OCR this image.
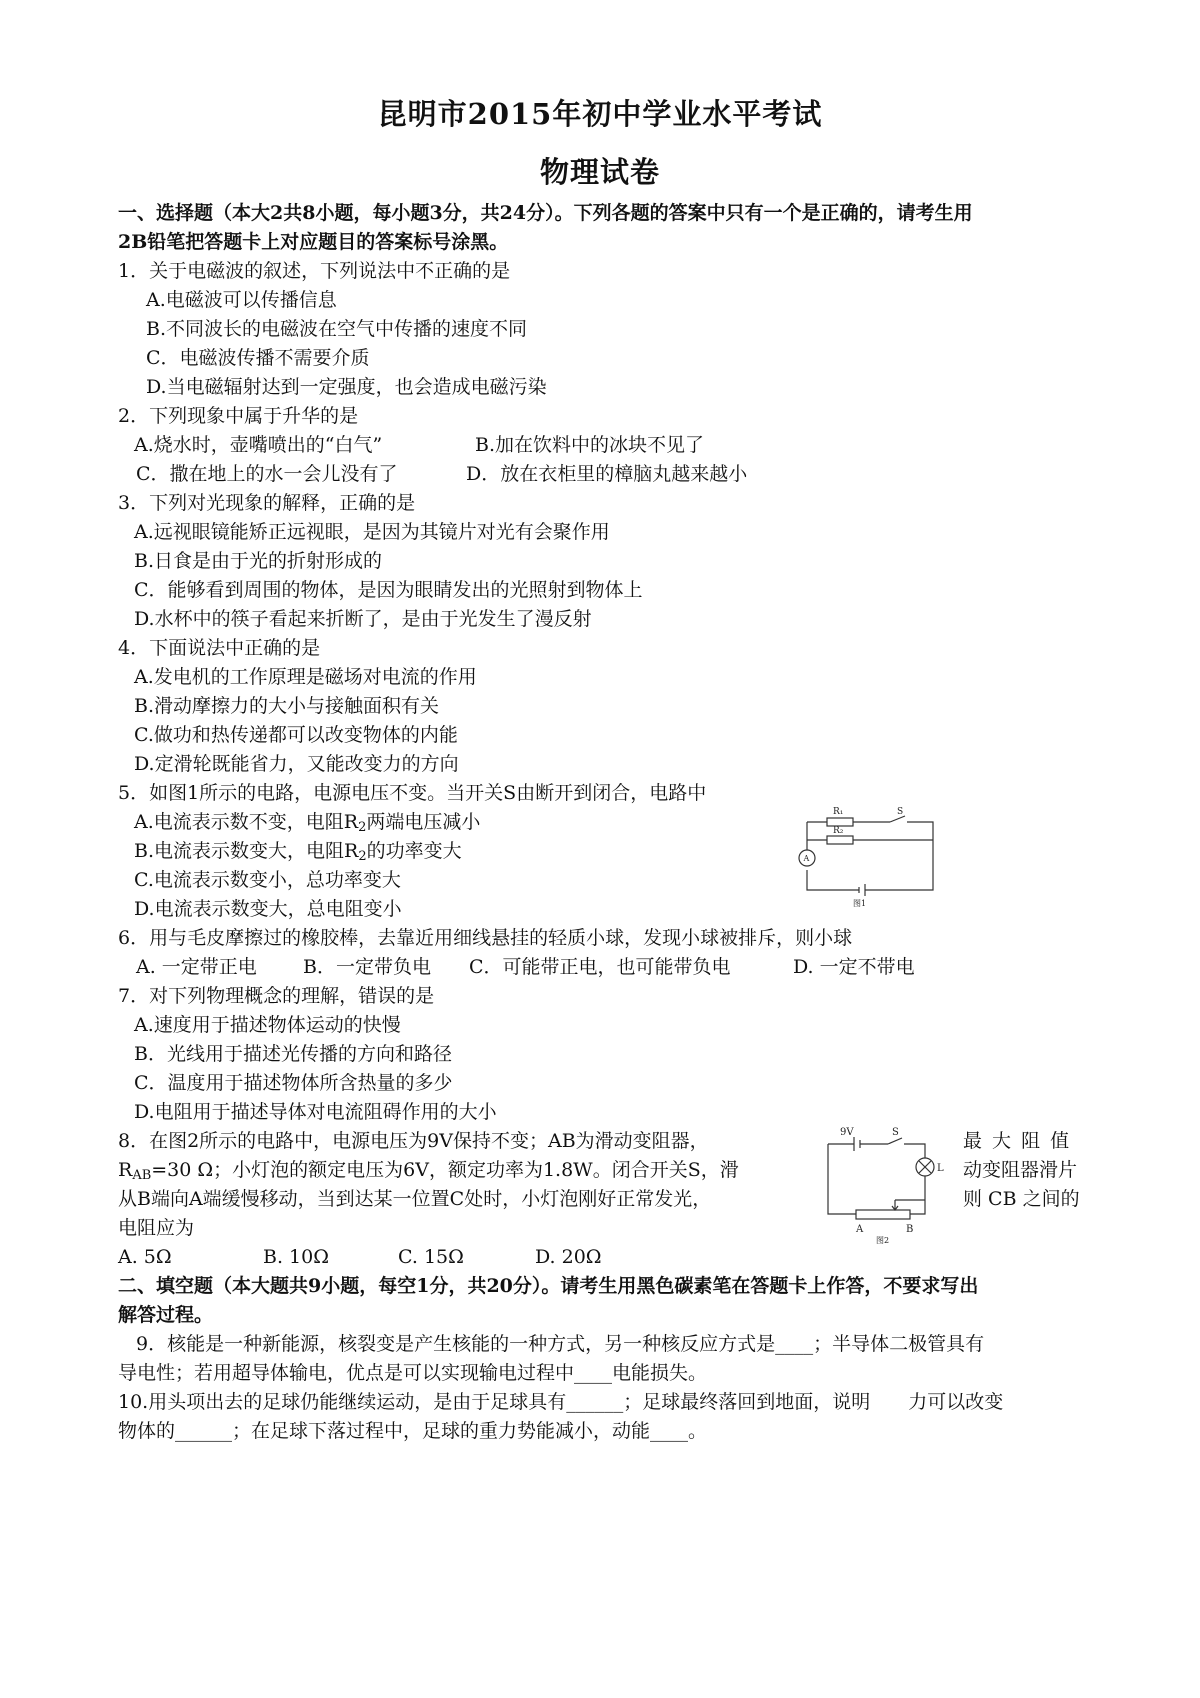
昆明市2015年初中学业水平考试
物理试卷
一、选择题（本大2共8小题，每小题3分，共24分）。下列各题的答案中只有一个是正确的，请考生用
2B铅笔把答题卡上对应题目的答案标号涂黑。
1．关于电磁波的叙述，下列说法中不正确的是
A.电磁波可以传播信息
B.不同波长的电磁波在空气中传播的速度不同
C．电磁波传播不需要介质
D.当电磁辐射达到一定强度，也会造成电磁污染
2．下列现象中属于升华的是
A.烧水时，壶嘴喷出的“白气”	B.加在饮料中的冰块不见了
C．撒在地上的水一会儿没有了	D．放在衣柜里的樟脑丸越来越小
3．下列对光现象的解释，正确的是
A.远视眼镜能矫正远视眼，是因为其镜片对光有会聚作用
B.日食是由于光的折射形成的
C．能够看到周围的物体，是因为眼睛发出的光照射到物体上
D.水杯中的筷子看起来折断了，是由于光发生了漫反射
4．下面说法中正确的是
A.发电机的工作原理是磁场对电流的作用
B.滑动摩擦力的大小与接触面积有关
C.做功和热传递都可以改变物体的内能
D.定滑轮既能省力，又能改变力的方向
5．如图1所示的电路，电源电压不变。当开关S由断开到闭合，电路中
A.电流表示数不变，电阻$R_2$两端电压减小
B.电流表示数变大，电阻$R_2$的功率变大
C.电流表示数变小，总功率变大
D.电流表示数变大，总电阻变小
R₁	S
R₂
A
图1
6．用与毛皮摩擦过的橡胶棒，去靠近用细线悬挂的轻质小球，发现小球被排斥，则小球
A. 一定带正电 B．一定带负电 C．可能带正电，也可能带负电	D. 一定不带电
7．对下列物理概念的理解，错误的是
A.速度用于描述物体运动的快慢
B．光线用于描述光传播的方向和路径
C．温度用于描述物体所含热量的多少
D.电阻用于描述导体对电流阻碍作用的大小
8．在图2所示的电路中，电源电压为9V保持不变；AB为滑动变阻器，	最 大 阻 值
$R_{AB}=30$ Ω；小灯泡的额定电压为6V，额定功率为1.8W。闭合开关S，滑	动变阻器滑片
从B端向A端缓慢移动，当到达某一位置C处时，小灯泡刚好正常发光，	则 CB 之间的
电阻应为
9V	S
L
A	B
图2
A. 5Ω	B. 10Ω	C. 15Ω	D. 20Ω
二、填空题（本大题共9小题，每空1分，共20分）。请考生用黑色碳素笔在答题卡上作答，不要求写出
解答过程。
9．核能是一种新能源，核裂变是产生核能的一种方式，另一种核反应方式是____；半导体二极管具有
导电性；若用超导体输电，优点是可以实现输电过程中____电能损失。
10.用头项出去的足球仍能继续运动，是由于足球具有______；足球最终落回到地面，说明　　力可以改变
物体的______；在足球下落过程中，足球的重力势能减小，动能____。
